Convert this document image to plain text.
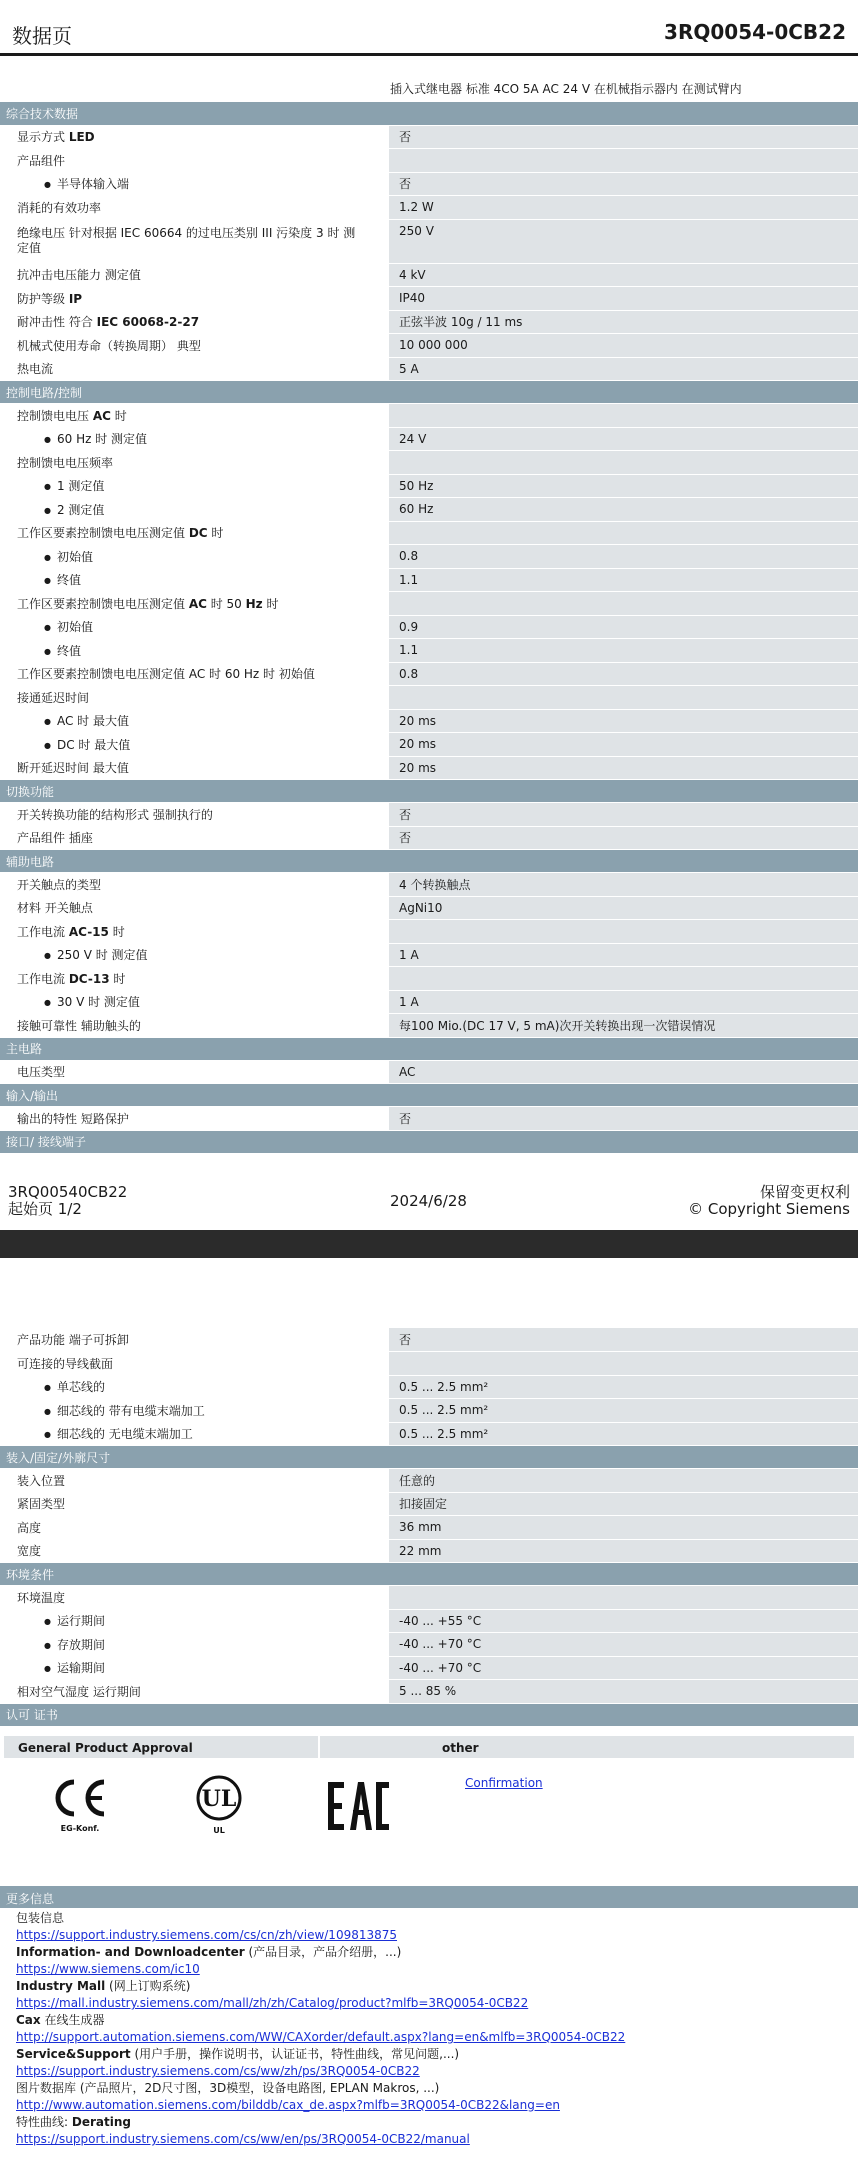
数据页	3RQ0054-0CB22
插入式继电器 标准 4CO 5A AC 24 V 在机械指示器内 在测试臂内
综合技术数据	
显示方式 LED	否
产品组件	
● 半导体输入端	否
消耗的有效功率	1.2 W
绝缘电压 针对根据 IEC 60664 的过电压类别 III 污染度 3 时 测定值	250 V
抗冲击电压能力 测定值	4 kV
防护等级 IP	IP40
耐冲击性 符合 IEC 60068-2-27	正弦半波 10g / 11 ms
机械式使用寿命（转换周期） 典型	10 000 000
热电流	5 A
控制电路/控制	
控制馈电电压 AC 时	
● 60 Hz 时 测定值	24 V
控制馈电电压频率	
● 1 测定值	50 Hz
● 2 测定值	60 Hz
工作区要素控制馈电电压测定值 DC 时	
● 初始值	0.8
● 终值	1.1
工作区要素控制馈电电压测定值 AC 时 50 Hz 时	
● 初始值	0.9
● 终值	1.1
工作区要素控制馈电电压测定值 AC 时 60 Hz 时 初始值	0.8
接通延迟时间	
● AC 时 最大值	20 ms
● DC 时 最大值	20 ms
断开延迟时间 最大值	20 ms
切换功能	
开关转换功能的结构形式 强制执行的	否
产品组件 插座	否
辅助电路	
开关触点的类型	4 个转换触点
材料 开关触点	AgNi10
工作电流 AC-15 时	
● 250 V 时 测定值	1 A
工作电流 DC-13 时	
● 30 V 时 测定值	1 A
接触可靠性 辅助触头的	每100 Mio.(DC 17 V, 5 mA)次开关转换出现一次错误情况
主电路	
电压类型	AC
输入/输出	
输出的特性 短路保护	否
接口/ 接线端子	
3RQ00540CB22
起始页 1/2	2024/6/28	保留变更权利
© Copyright Siemens
产品功能 端子可拆卸	否
可连接的导线截面	
● 单芯线的	0.5 ... 2.5 mm²
● 细芯线的 带有电缆末端加工	0.5 ... 2.5 mm²
● 细芯线的 无电缆末端加工	0.5 ... 2.5 mm²
装入/固定/外廓尺寸	
装入位置	任意的
紧固类型	扣接固定
高度	36 mm
宽度	22 mm
环境条件	
环境温度	
● 运行期间	-40 ... +55 °C
● 存放期间	-40 ... +70 °C
● 运输期间	-40 ... +70 °C
相对空气湿度 运行期间	5 ... 85 %
认可 证书	
General Product Approval	other
EG-Konf.
UL
UL
Confirmation
更多信息
包装信息
https://support.industry.siemens.com/cs/cn/zh/view/109813875
Information- and Downloadcenter (产品目录，产品介绍册，...)
https://www.siemens.com/ic10
Industry Mall (网上订购系统)
https://mall.industry.siemens.com/mall/zh/zh/Catalog/product?mlfb=3RQ0054-0CB22
Cax 在线生成器
http://support.automation.siemens.com/WW/CAXorder/default.aspx?lang=en&mlfb=3RQ0054-0CB22
Service&Support (用户手册，操作说明书，认证证书，特性曲线，常见问题,...)
https://support.industry.siemens.com/cs/ww/zh/ps/3RQ0054-0CB22
图片数据库 (产品照片，2D尺寸图，3D模型，设备电路图, EPLAN Makros, ...)
http://www.automation.siemens.com/bilddb/cax_de.aspx?mlfb=3RQ0054-0CB22&lang=en
特性曲线: Derating
https://support.industry.siemens.com/cs/ww/en/ps/3RQ0054-0CB22/manual
